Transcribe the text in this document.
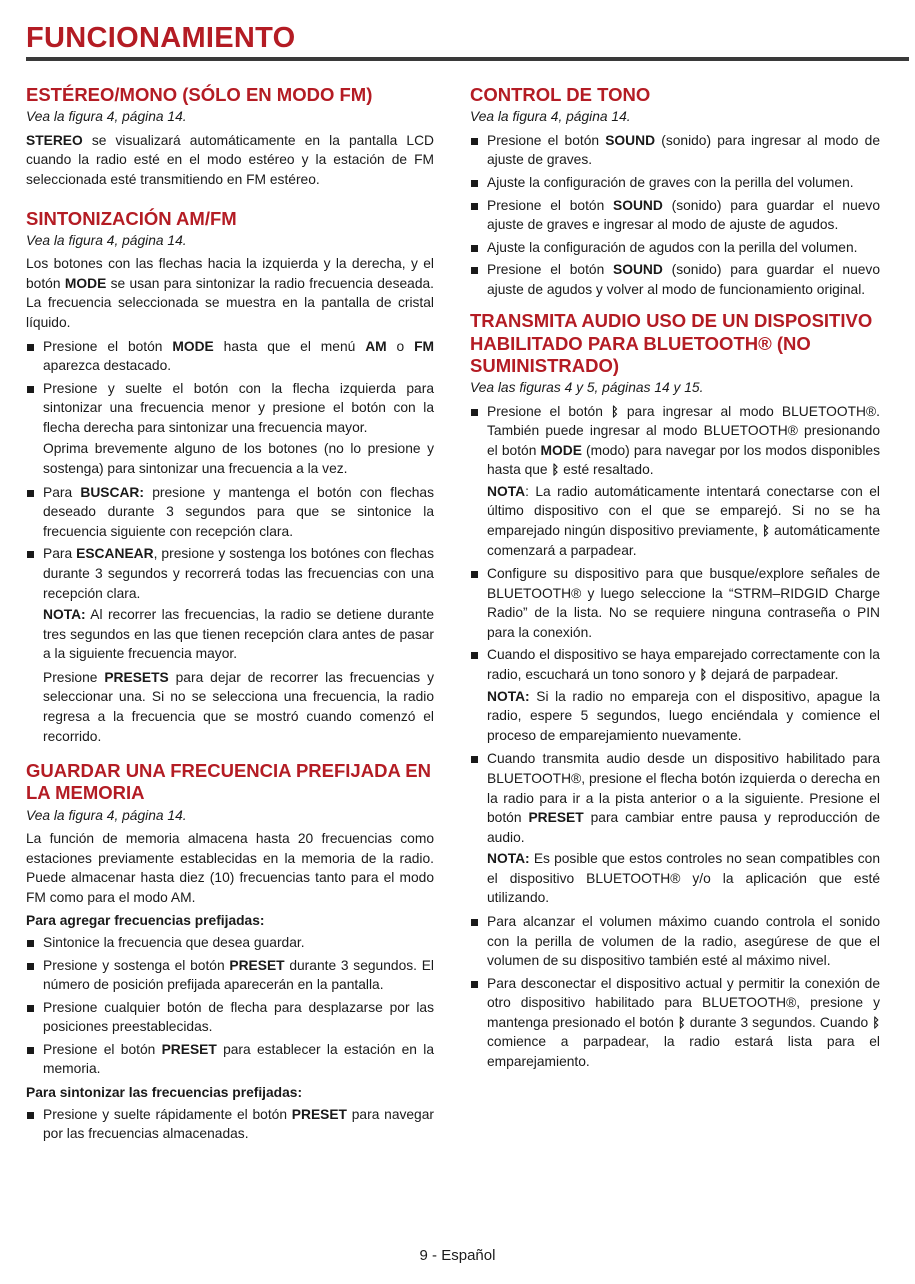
FUNCIONAMIENTO
ESTÉREO/MONO (SÓLO EN MODO FM)
Vea la figura 4, página 14.
STEREO se visualizará automáticamente en la pantalla LCD cuando la radio esté en el modo estéreo y la estación de FM seleccionada esté transmitiendo en FM estéreo.
SINTONIZACIÓN AM/FM
Vea la figura 4, página 14.
Los botones con las flechas hacia la izquierda y la derecha, y el botón MODE se usan para sintonizar la radio frecuencia deseada. La frecuencia seleccionada se muestra en la pantalla de cristal líquido.
Presione el botón MODE hasta que el menú AM o FM aparezca destacado.
Presione y suelte el botón con la flecha izquierda para sintonizar una frecuencia menor y presione el botón con la flecha derecha para sintonizar una frecuencia mayor.
Oprima brevemente alguno de los botones (no lo presione y sostenga) para sintonizar una frecuencia a la vez.
Para BUSCAR: presione y mantenga el botón con flechas deseado durante 3 segundos para que se sintonice la frecuencia siguiente con recepción clara.
Para ESCANEAR, presione y sostenga los botónes con flechas durante 3 segundos y recorrerá todas las frecuencias con una recepción clara.
NOTA: Al recorrer las frecuencias, la radio se detiene durante tres segundos en las que tienen recepción clara antes de pasar a la siguiente frecuencia mayor.
Presione PRESETS para dejar de recorrer las frecuencias y seleccionar una. Si no se selecciona una frecuencia, la radio regresa a la frecuencia que se mostró cuando comenzó el recorrido.
GUARDAR UNA FRECUENCIA PREFIJADA EN LA MEMORIA
Vea la figura 4, página 14.
La función de memoria almacena hasta 20 frecuencias como estaciones previamente establecidas en la memoria de la radio. Puede almacenar hasta diez (10) frecuencias tanto para el modo FM como para el modo AM.
Para agregar frecuencias prefijadas:
Sintonice la frecuencia que desea guardar.
Presione y sostenga el botón PRESET durante 3 segundos. El número de posición prefijada aparecerán en la pantalla.
Presione cualquier botón de flecha para desplazarse por las posiciones preestablecidas.
Presione el botón PRESET para establecer la estación en la memoria.
Para sintonizar las frecuencias prefijadas:
Presione y suelte rápidamente el botón PRESET para navegar por las frecuencias almacenadas.
CONTROL DE TONO
Vea la figura 4, página 14.
Presione el botón SOUND (sonido) para ingresar al modo de ajuste de graves.
Ajuste la configuración de graves con la perilla del volumen.
Presione el botón SOUND (sonido) para guardar el nuevo ajuste de graves e ingresar al modo de ajuste de agudos.
Ajuste la configuración de agudos con la perilla del volumen.
Presione el botón SOUND (sonido) para guardar el nuevo ajuste de agudos y volver al modo de funcionamiento original.
TRANSMITA AUDIO USO DE UN DISPOSITIVO HABILITADO PARA BLUETOOTH® (NO SUMINISTRADO)
Vea las figuras 4 y 5, páginas 14 y 15.
Presione el botón ᛒ para ingresar al modo BLUETOOTH®. También puede ingresar al modo BLUETOOTH® presionando el botón MODE (modo) para navegar por los modos disponibles hasta que ᛒ esté resaltado.
NOTA: La radio automáticamente intentará conectarse con el último dispositivo con el que se emparejó. Si no se ha emparejado ningún dispositivo previamente, ᛒ automáticamente comenzará a parpadear.
Configure su dispositivo para que busque/explore señales de BLUETOOTH® y luego seleccione la “STRM–RIDGID Charge Radio” de la lista. No se requiere ninguna contraseña o PIN para la conexión.
Cuando el dispositivo se haya emparejado correctamente con la radio, escuchará un tono sonoro y ᛒ dejará de parpadear.
NOTA: Si la radio no empareja con el dispositivo, apague la radio, espere 5 segundos, luego enciéndala y comience el proceso de emparejamiento nuevamente.
Cuando transmita audio desde un dispositivo habilitado para BLUETOOTH®, presione el flecha botón izquierda o derecha en la radio para ir a la pista anterior o a la siguiente. Presione el botón PRESET para cambiar entre pausa y reproducción de audio.
NOTA: Es posible que estos controles no sean compatibles con el dispositivo BLUETOOTH® y/o la aplicación que esté utilizando.
Para alcanzar el volumen máximo cuando controla el sonido con la perilla de volumen de la radio, asegúrese de que el volumen de su dispositivo también esté al máximo nivel.
Para desconectar el dispositivo actual y permitir la conexión de otro dispositivo habilitado para BLUETOOTH®, presione y mantenga presionado el botón ᛒ durante 3 segundos. Cuando ᛒ comience a parpadear, la radio estará lista para el emparejamiento.
9 - Español
